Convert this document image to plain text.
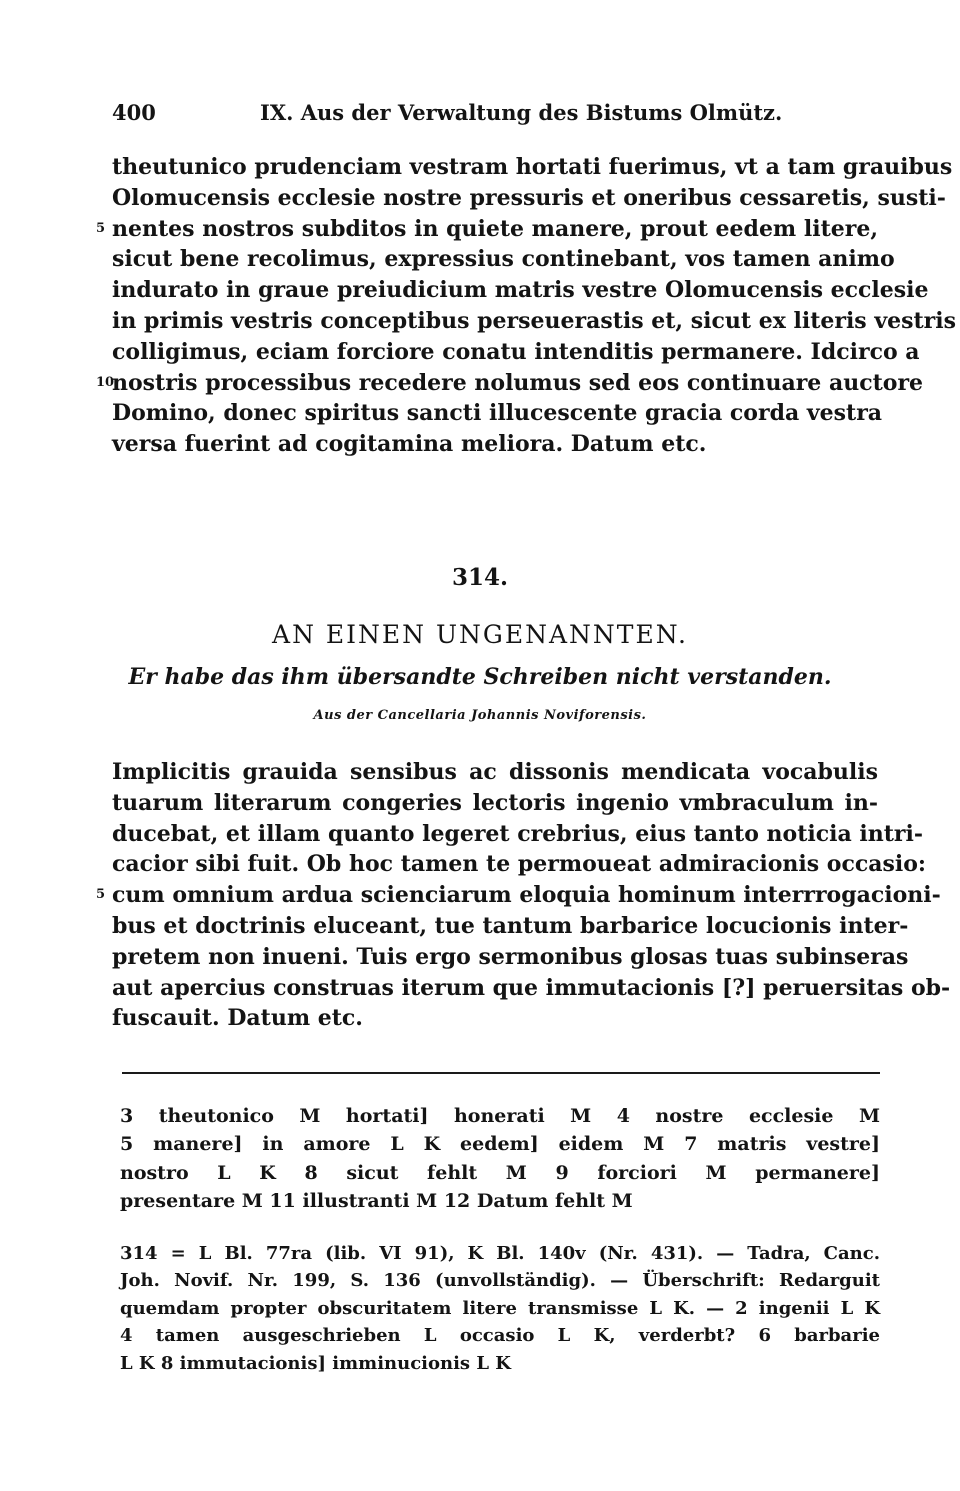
400	IX. Aus der Verwaltung des Bistums Olmütz.
theutunico prudenciam vestram hortati fuerimus, vt a tam grauibus
Olomucensis ecclesie nostre pressuris et oneribus cessaretis, susti-
5 nentes nostros subditos in quiete manere, prout eedem litere,
sicut bene recolimus, expressius continebant, vos tamen animo
indurato in graue preiudicium matris vestre Olomucensis ecclesie
in primis vestris conceptibus perseuerastis et, sicut ex literis vestris
colligimus, eciam forciore conatu intenditis permanere. Idcirco a
10
nostris processibus recedere nolumus sed eos continuare auctore
Domino, donec spiritus sancti illucescente gracia corda vestra
versa fuerint ad cogitamina meliora. Datum etc.
314.
AN EINEN UNGENANNTEN.
Er habe das ihm übersandte Schreiben nicht verstanden.
Aus der Cancellaria Johannis Noviforensis.
Implicitis grauida sensibus ac dissonis mendicata vocabulis
tuarum literarum congeries lectoris ingenio vmbraculum in-
ducebat, et illam quanto legeret crebrius, eius tanto noticia intri-
cacior sibi fuit. Ob hoc tamen te permoueat admiracionis occasio:
5 cum omnium ardua scienciarum eloquia hominum interrrogacioni-
bus et doctrinis eluceant, tue tantum barbarice locucionis inter-
pretem non inueni. Tuis ergo sermonibus glosas tuas subinseras
aut apercius construas iterum que immutacionis [?] peruersitas ob-
fuscauit. Datum etc.
3 theutonico M hortati] honerati M 4 nostre ecclesie M
5 manere] in amore L K eedem] eidem M 7 matris vestre]
nostro L K 8 sicut fehlt M 9 forciori M permanere]
presentare M 11 illustranti M 12 Datum fehlt M
314 = L Bl. 77ra (lib. VI 91), K Bl. 140v (Nr. 431). — Tadra, Canc.
Joh. Novif. Nr. 199, S. 136 (unvollständig). — Überschrift: Redarguit
quemdam propter obscuritatem litere transmisse L K. — 2 ingenii L K
4 tamen ausgeschrieben L occasio L K, verderbt? 6 barbarie
L K 8 immutacionis] imminucionis L K
